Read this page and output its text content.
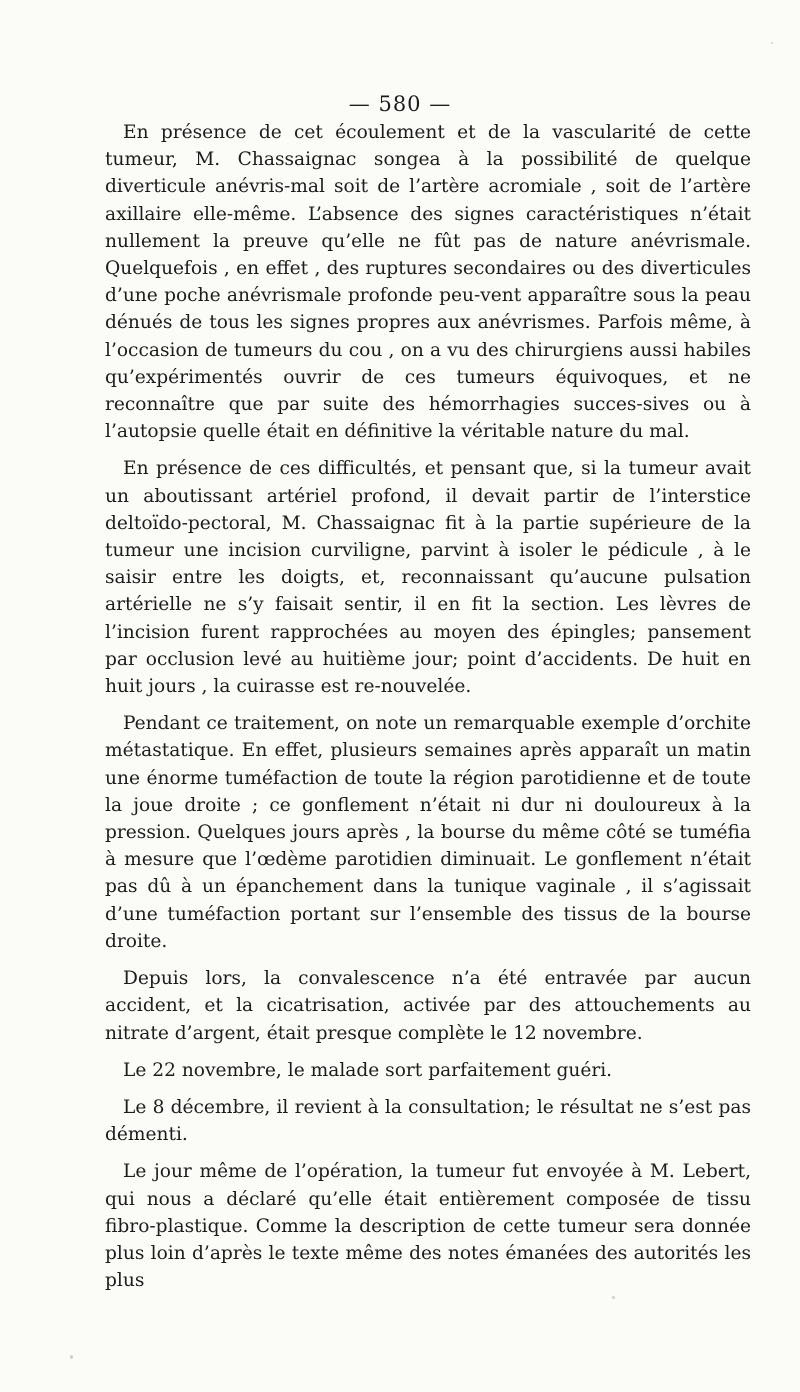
— 580 —

En présence de cet écoulement et de la vascularité de cette tumeur, M. Chassaignac songea à la possibilité de quelque diverticule anévris-mal soit de l’artère acromiale , soit de l’artère axillaire elle-même. L’absence des signes caractéristiques n’était nullement la preuve qu’elle ne fût pas de nature anévrismale. Quelquefois , en effet , des ruptures secondaires ou des diverticules d’une poche anévrismale profonde peu-vent apparaître sous la peau dénués de tous les signes propres aux anévrismes. Parfois même, à l’occasion de tumeurs du cou , on a vu des chirurgiens aussi habiles qu’expérimentés ouvrir de ces tumeurs équivoques, et ne reconnaître que par suite des hémorrhagies succes-sives ou à l’autopsie quelle était en définitive la véritable nature du mal.

En présence de ces difficultés, et pensant que, si la tumeur avait un aboutissant artériel profond, il devait partir de l’interstice deltoïdo-pectoral, M. Chassaignac fit à la partie supérieure de la tumeur une incision curviligne, parvint à isoler le pédicule , à le saisir entre les doigts, et, reconnaissant qu’aucune pulsation artérielle ne s’y faisait sentir, il en fit la section. Les lèvres de l’incision furent rapprochées au moyen des épingles; pansement par occlusion levé au huitième jour; point d’accidents. De huit en huit jours , la cuirasse est re-nouvelée.

Pendant ce traitement, on note un remarquable exemple d’orchite métastatique. En effet, plusieurs semaines après apparaît un matin une énorme tuméfaction de toute la région parotidienne et de toute la joue droite ; ce gonflement n’était ni dur ni douloureux à la pression. Quelques jours après , la bourse du même côté se tuméfia à mesure que l’œdème parotidien diminuait. Le gonflement n’était pas dû à un épanchement dans la tunique vaginale , il s’agissait d’une tuméfaction portant sur l’ensemble des tissus de la bourse droite.

Depuis lors, la convalescence n’a été entravée par aucun accident, et la cicatrisation, activée par des attouchements au nitrate d’argent, était presque complète le 12 novembre.

Le 22 novembre, le malade sort parfaitement guéri.

Le 8 décembre, il revient à la consultation; le résultat ne s’est pas démenti.

Le jour même de l’opération, la tumeur fut envoyée à M. Lebert, qui nous a déclaré qu’elle était entièrement composée de tissu fibro-plastique. Comme la description de cette tumeur sera donnée plus loin d’après le texte même des notes émanées des autorités les plus
